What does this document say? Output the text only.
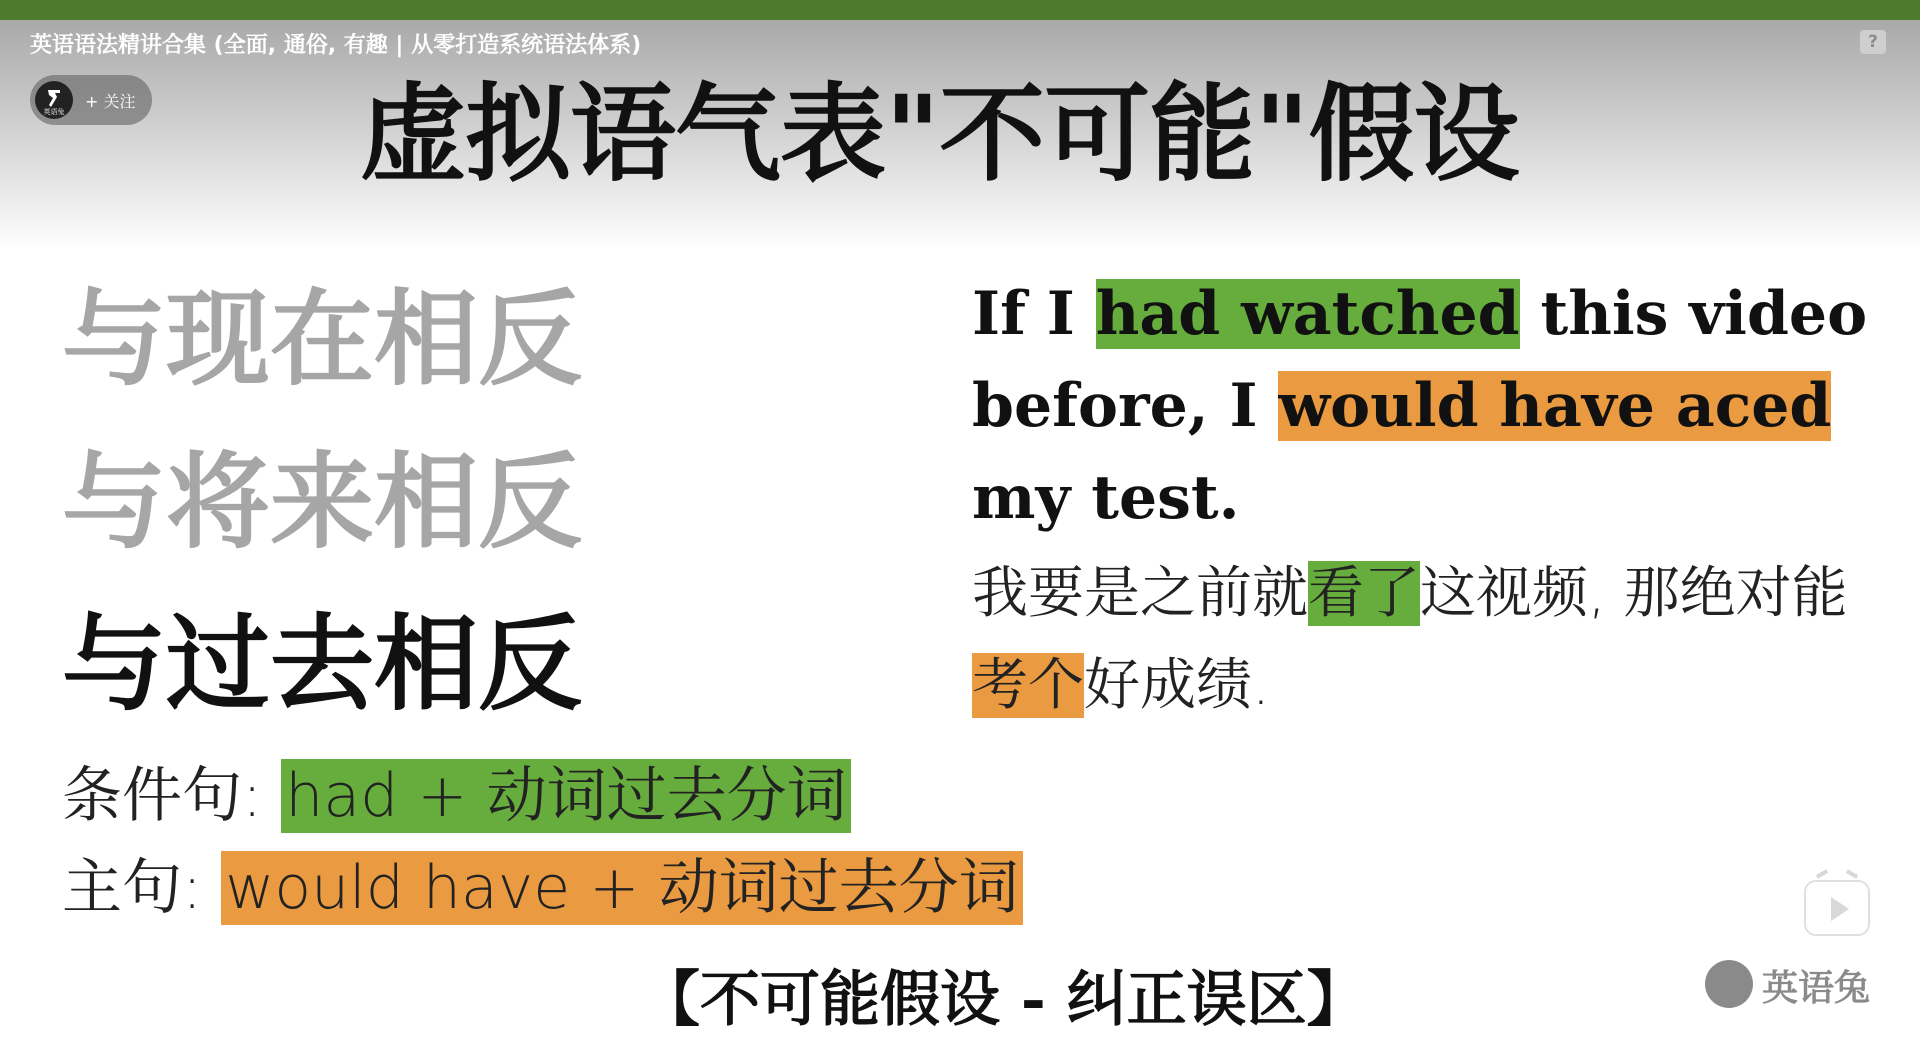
英语语法精讲合集 (全面, 通俗, 有趣 | 从零打造系统语法体系)
英语兔
+ 关注
?
虚拟语气表"不可能"假设
与现在相反
与将来相反
与过去相反
条件句: had + 动词过去分词
主句: would have + 动词过去分词
If I had watched this video before, I would have aced my test.
我要是之前就看了这视频, 那绝对能考个好成绩.
【不可能假设 - 纠正误区】	英语兔
